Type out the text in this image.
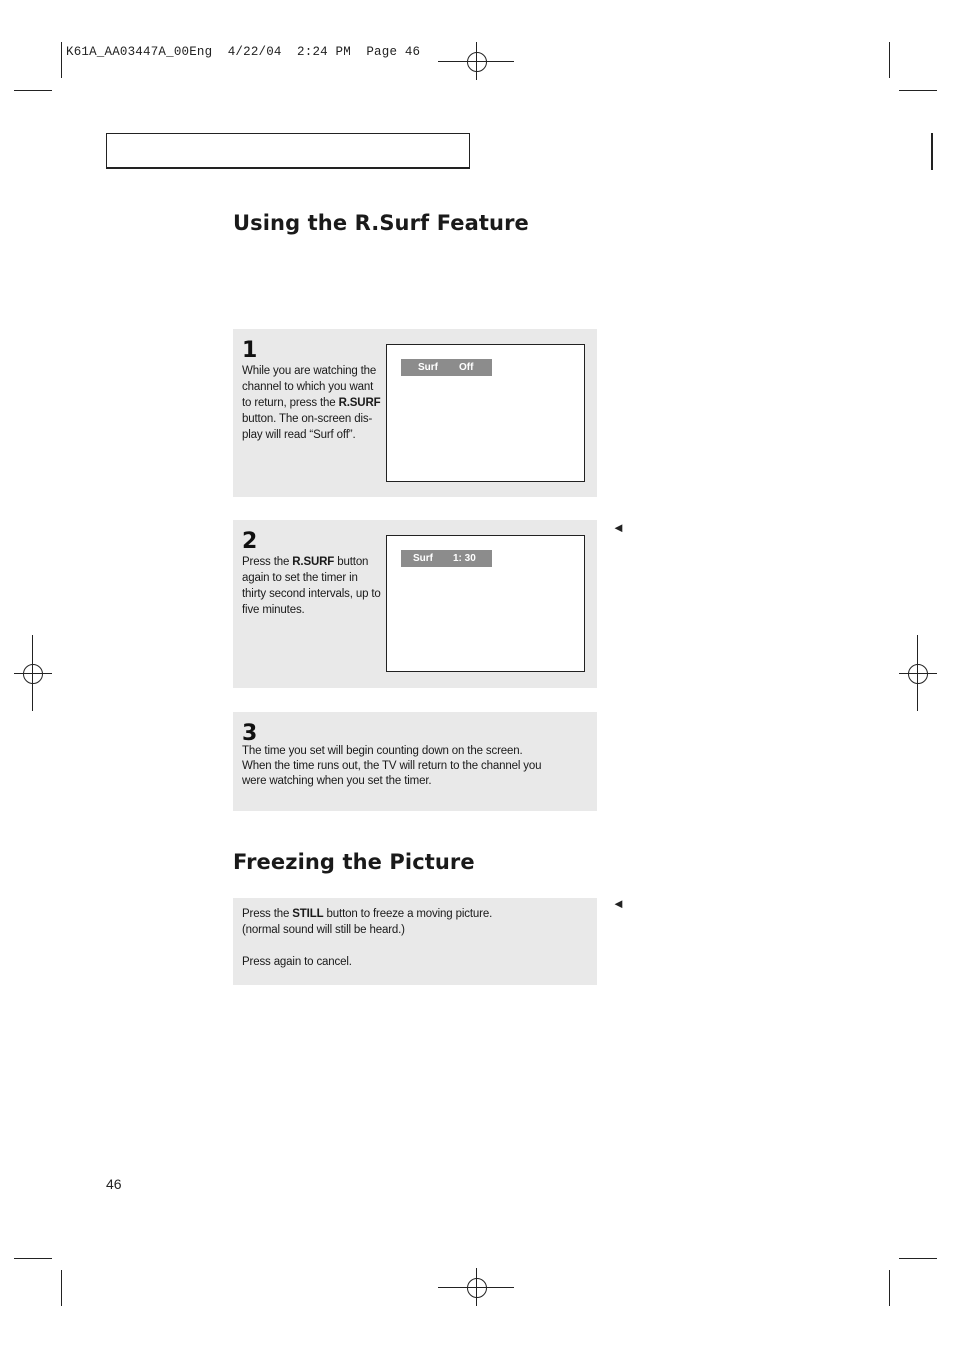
K61A_AA03447A_00Eng  4/22/04  2:24 PM  Page 46
Using the R.Surf Feature
1
While you are watching the channel to which you want to return, press the R.SURF button. The on-screen dis-play will read “Surf off”.
Surf Off
2
Press the R.SURF button again to set the timer in thirty second intervals, up to five minutes.
Surf 1: 30
◄
3
The time you set will begin counting down on the screen.
When the time runs out, the TV will return to the channel you
were watching when you set the timer.
Freezing the Picture
Press the STILL button to freeze a moving picture.
(normal sound will still be heard.)
Press again to cancel.
◄
46
